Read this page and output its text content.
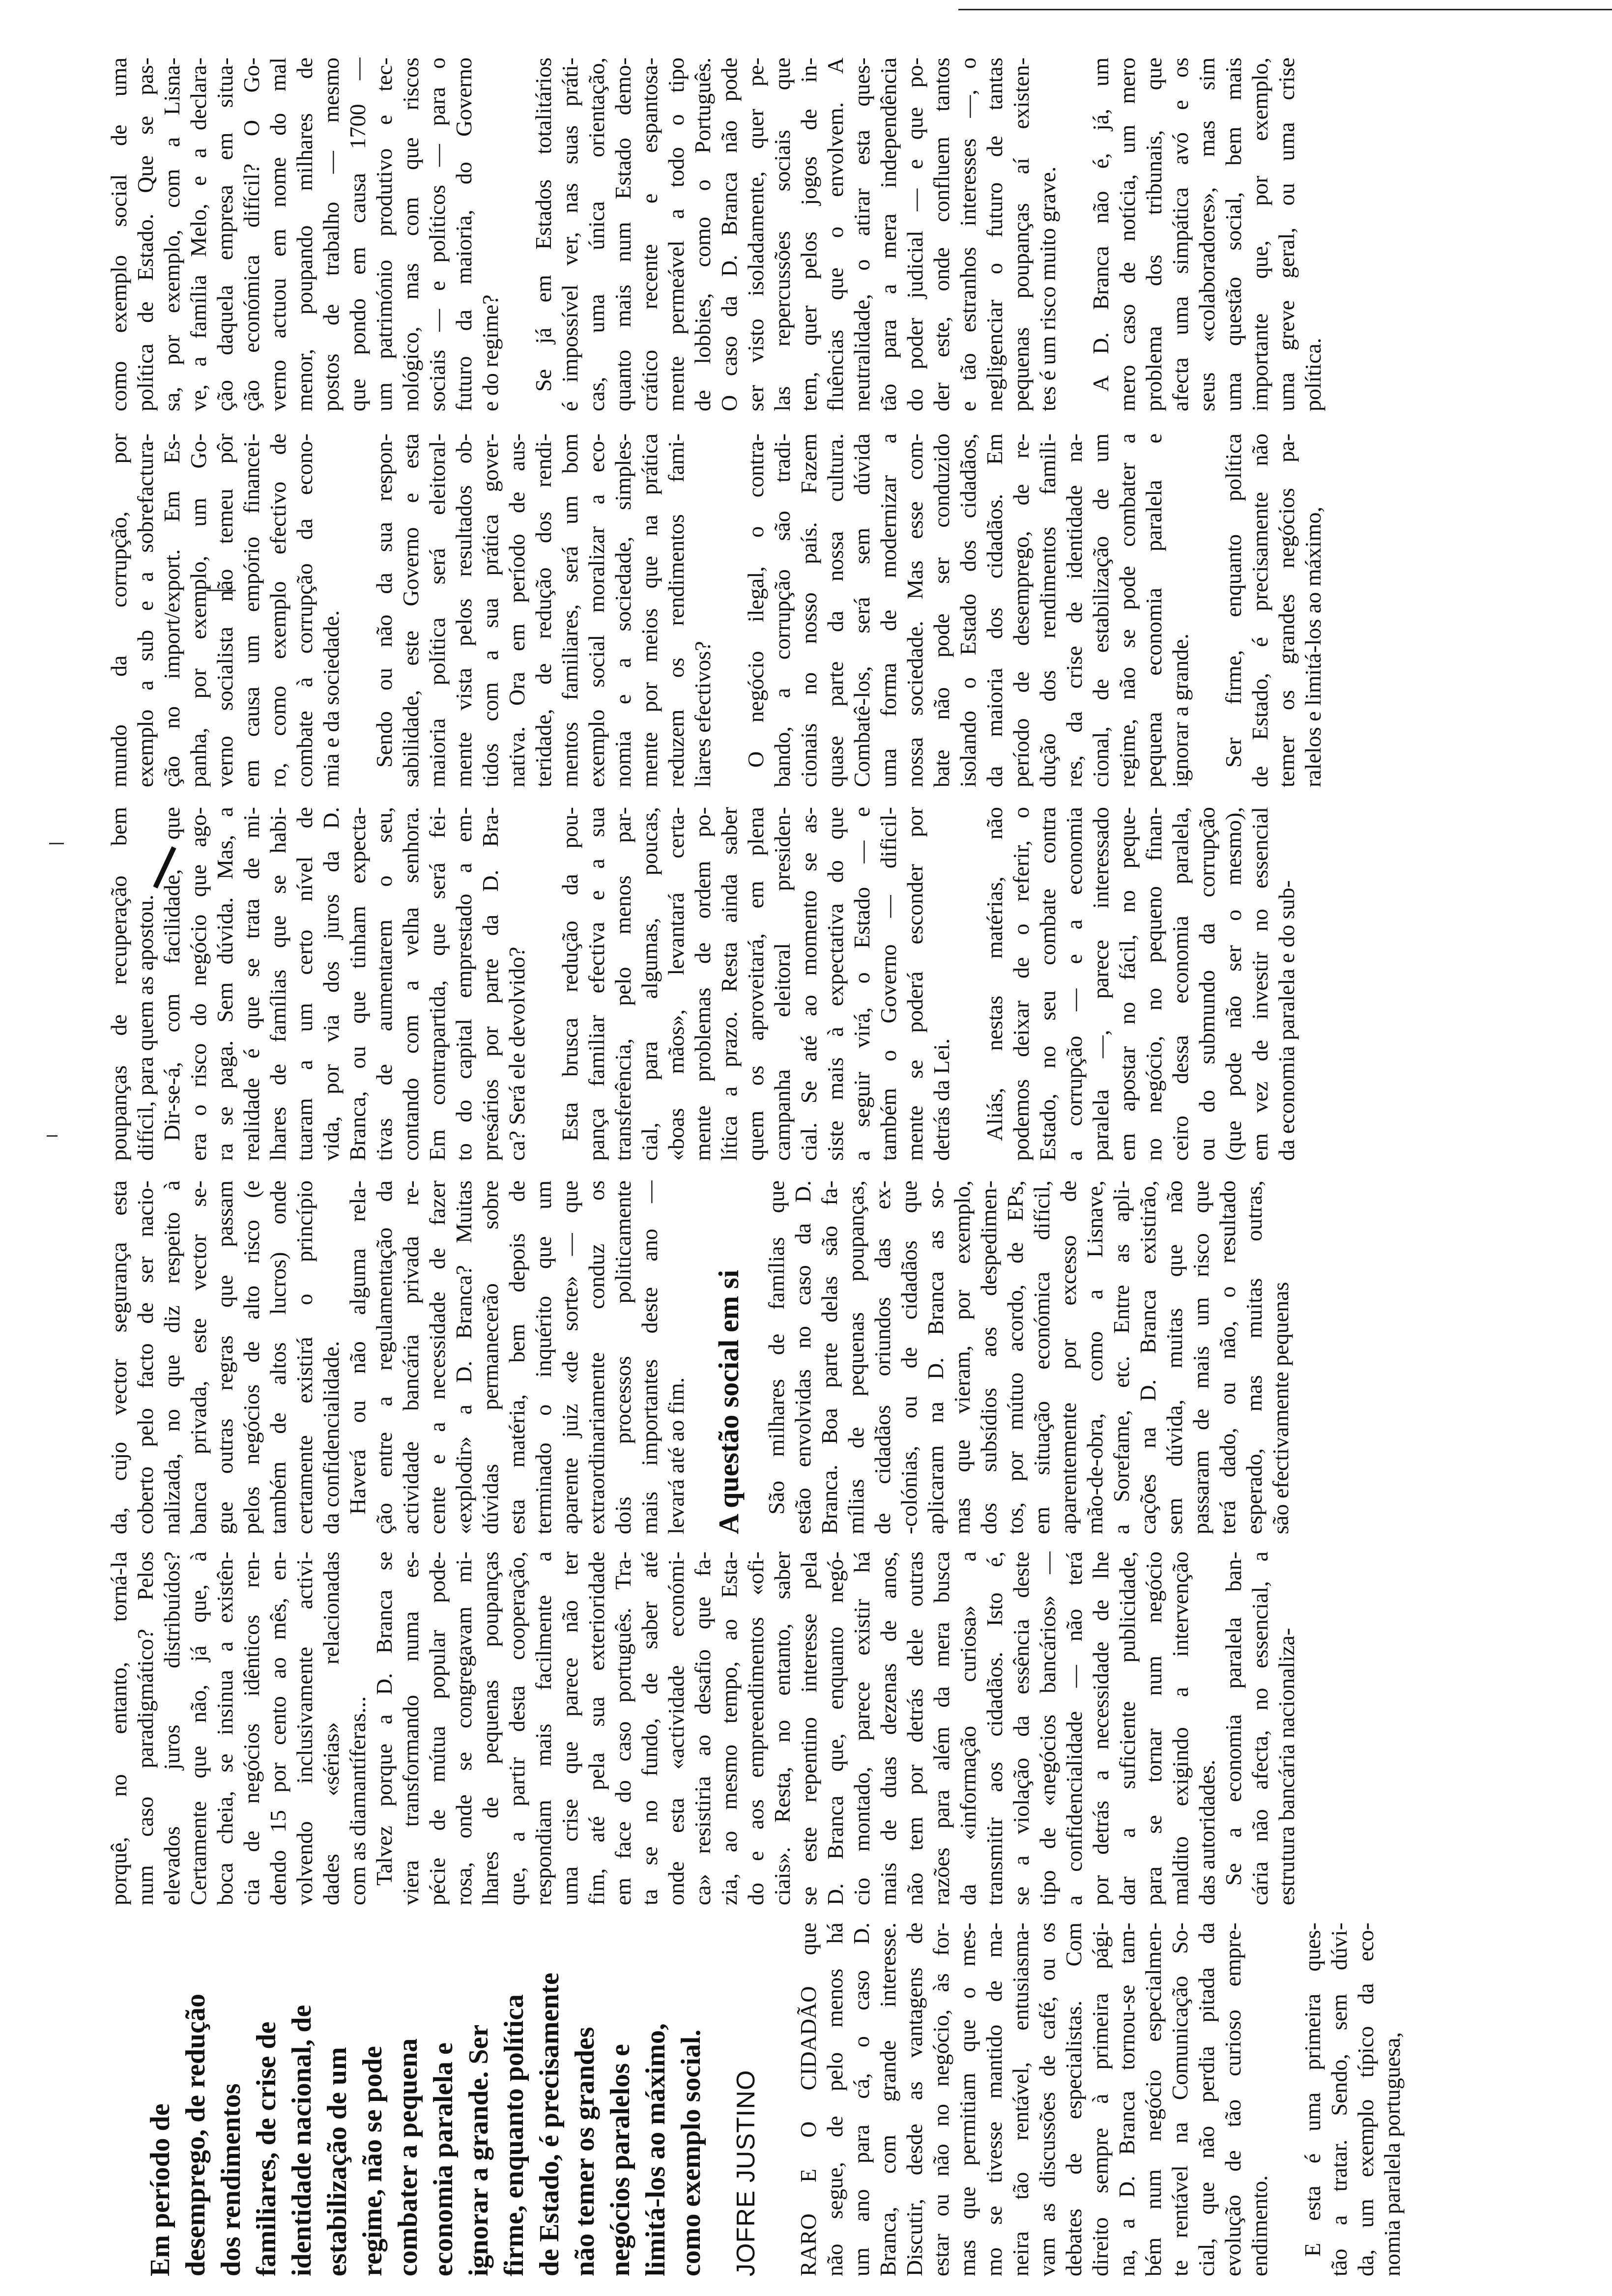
Em período de desemprego, de redução dos rendimentos familiares, de crise de identidade nacional, de estabilização de um regime, não se pode combater a pequena economia paralela e ignorar a grande. Ser firme, enquanto política de Estado, é precisamente não temer os grandes negócios paralelos e limitá-los ao máximo, como exemplo social. JOFRE JUSTINO RARO E O CIDADÃO que não segue, de pelo menos há um ano para cá, o caso D. Branca, com grande interesse. Discutir, desde as vantagens de estar ou não no negócio, às for- mas que permitiam que o mes- mo se tivesse mantido de ma- neira tão rentável, entusiasma- vam as discussões de café, ou os debates de especialistas. Com direito sempre à primeira pági- na, a D. Branca tornou-se tam- bém num negócio especialmen- te rentável na Comunicação So- cial, que não perdia pitada da evolução de tão curioso empre- endimento. E esta é uma primeira ques- tão a tratar. Sendo, sem dúvi- da, um exemplo típico da eco- nomia paralela portuguesa,
porquê, no entanto, torná-la num caso paradigmático? Pelos elevados juros distribuídos? Certamente que não, já que, à boca cheia, se insinua a existên- cia de negócios idênticos ren- dendo 15 por cento ao mês, en- volvendo inclusivamente activi- dades «sérias» relacionadas com as diamantíferas... Talvez porque a D. Branca se viera transformando numa es- pécie de mútua popular pode- rosa, onde se congregavam mi- lhares de pequenas poupanças que, a partir desta cooperação, respondiam mais facilmente a uma crise que parece não ter fim, até pela sua exterioridade em face do caso português. Tra- ta se no fundo, de saber até onde esta «actividade económi- ca» resistiria ao desafio que fa- zia, ao mesmo tempo, ao Esta- do e aos empreendimentos «ofi- ciais». Resta, no entanto, saber se este repentino interesse pela D. Branca que, enquanto negó- cio montado, parece existir há mais de duas dezenas de anos, não tem por detrás dele outras razões para além da mera busca da «informação curiosa» a transmitir aos cidadãos. Isto é, se a violação da essência deste tipo de «negócios bancários» — a confidencialidade — não terá por detrás a necessidade de lhe dar a suficiente publicidade, para se tornar num negócio maldito exigindo a intervenção das autoridades. Se a economia paralela ban- cária não afecta, no essencial, a estrutura bancária nacionaliza-
da, cujo vector segurança esta coberto pelo facto de ser nacio- nalizada, no que diz respeito à banca privada, este vector se- gue outras regras que passam pelos negócios de alto risco (e também de altos lucros) onde certamente existirá o princípio da confidencialidade. Haverá ou não alguma rela- ção entre a regulamentação da actividade bancária privada re- cente e a necessidade de fazer «explodir» a D. Branca? Muitas dúvidas permanecerão sobre esta matéria, bem depois de terminado o inquérito que um aparente juiz «de sorte» — que extraordinariamente conduz os dois processos politicamente mais importantes deste ano — levará até ao fim. A questão social em si São milhares de famílias que estão envolvidas no caso da D. Branca. Boa parte delas são fa- mílias de pequenas poupanças, de cidadãos oriundos das ex- -colónias, ou de cidadãos que aplicaram na D. Branca as so- mas que vieram, por exemplo, dos subsídios aos despedimen- tos, por mútuo acordo, de EPs, em situação económica difícil, aparentemente por excesso de mão-de-obra, como a Lisnave, a Sorefame, etc. Entre as apli- cações na D. Branca existirão, sem dúvida, muitas que não passaram de mais um risco que terá dado, ou não, o resultado esperado, mas muitas outras, são efectivamente pequenas
poupanças de recuperação bem difícil, para quem as apostou. Dir-se-á, com facilidade, que era o risco do negócio que ago- ra se paga. Sem dúvida. Mas, a realidade é que se trata de mi- lhares de famílias que se habi- tuaram a um certo nível de vida, por via dos juros da D. Branca, ou que tinham expecta- tivas de aumentarem o seu, contando com a velha senhora. Em contrapartida, que será fei- to do capital emprestado a em- presários por parte da D. Bra- ca? Será ele devolvido? Esta brusca redução da pou- pança familiar efectiva e a sua transferência, pelo menos par- cial, para algumas, poucas, «boas mãos», levantará certa- mente problemas de ordem po- lítica a prazo. Resta ainda saber quem os aproveitará, em plena campanha eleitoral presiden- cial. Se até ao momento se as- siste mais à expectativa do que a seguir virá, o Estado — e também o Governo — dificil- mente se poderá esconder por detrás da Lei. Aliás, nestas matérias, não podemos deixar de o referir, o Estado, no seu combate contra a corrupção — e a economia paralela —, parece interessado em apostar no fácil, no peque- no negócio, no pequeno finan- ceiro dessa economia paralela, ou do submundo da corrupção (que pode não ser o mesmo), em vez de investir no essencial da economia paralela e do sub-
mundo da corrupção, por exemplo a sub e a sobrefactura- ção no import/export. Em Es- panha, por exemplo, um Go- verno socialista não temeu pôr em causa um empório financei- ro, como exemplo efectivo de combate à corrupção da econo- mia e da sociedade. Sendo ou não da sua respon- sabilidade, este Governo e esta maioria política será eleitoral- mente vista pelos resultados ob- tidos com a sua prática gover- nativa. Ora em período de aus- teridade, de redução dos rendi- mentos familiares, será um bom exemplo social moralizar a eco- nomia e a sociedade, simples- mente por meios que na prática reduzem os rendimentos fami- liares efectivos? O negócio ilegal, o contra- bando, a corrupção são tradi- cionais no nosso país. Fazem quase parte da nossa cultura. Combatê-los, será sem dúvida uma forma de modernizar a nossa sociedade. Mas esse com- bate não pode ser conduzido isolando o Estado dos cidadãos, da maioria dos cidadãos. Em período de desemprego, de re- dução dos rendimentos famili- res, da crise de identidade na- cional, de estabilização de um regime, não se pode combater a pequena economia paralela e ignorar a grande. Ser firme, enquanto política de Estado, é precisamente não temer os grandes negócios pa- ralelos e limitá-los ao máximo,
como exemplo social de uma política de Estado. Que se pas- sa, por exemplo, com a Lisna- ve, a família Melo, e a declara- ção daquela empresa em situa- ção económica difícil? O Go- verno actuou em nome do mal menor, poupando milhares de postos de trabalho — mesmo que pondo em causa 1700 — um património produtivo e tec- nológico, mas com que riscos sociais — e políticos — para o futuro da maioria, do Governo e do regime? Se já em Estados totalitários é impossível ver, nas suas práti- cas, uma única orientação, quanto mais num Estado demo- crático recente e espantosa- mente permeável a todo o tipo de lobbies, como o Português. O caso da D. Branca não pode ser visto isoladamente, quer pe- las repercussões sociais que tem, quer pelos jogos de in- fluências que o envolvem. A neutralidade, o atirar esta ques- tão para a mera independência do poder judicial — e que po- der este, onde confluem tantos e tão estranhos interesses —, o negligenciar o futuro de tantas pequenas poupanças aí existen- tes é um risco muito grave. A D. Branca não é, já, um mero caso de notícia, um mero problema dos tribunais, que afecta uma simpática avó e os seus «colaboradores», mas sim uma questão social, bem mais importante que, por exemplo, uma greve geral, ou uma crise política.
